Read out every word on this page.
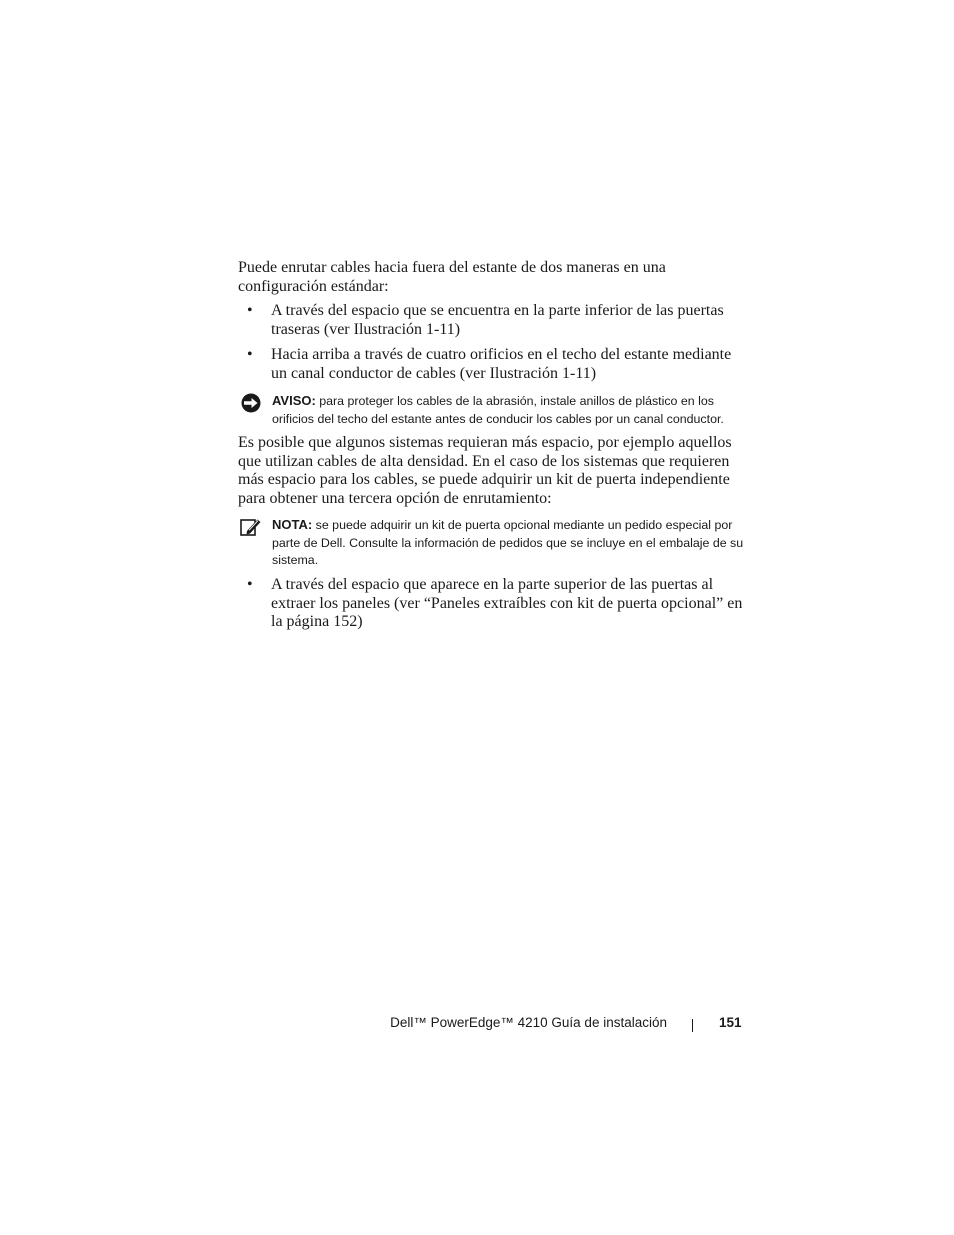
Puede enrutar cables hacia fuera del estante de dos maneras en una configuración estándar:
• A través del espacio que se encuentra en la parte inferior de las puertas traseras (ver Ilustración 1-11)
• Hacia arriba a través de cuatro orificios en el techo del estante mediante un canal conductor de cables (ver Ilustración 1-11)
AVISO: para proteger los cables de la abrasión, instale anillos de plástico en los orificios del techo del estante antes de conducir los cables por un canal conductor.
Es posible que algunos sistemas requieran más espacio, por ejemplo aquellos que utilizan cables de alta densidad. En el caso de los sistemas que requieren más espacio para los cables, se puede adquirir un kit de puerta independiente para obtener una tercera opción de enrutamiento:
NOTA: se puede adquirir un kit de puerta opcional mediante un pedido especial por parte de Dell. Consulte la información de pedidos que se incluye en el embalaje de su sistema.
• A través del espacio que aparece en la parte superior de las puertas al extraer los paneles (ver “Paneles extraíbles con kit de puerta opcional” en la página 152)
Dell™ PowerEdge™ 4210 Guía de instalación	151
